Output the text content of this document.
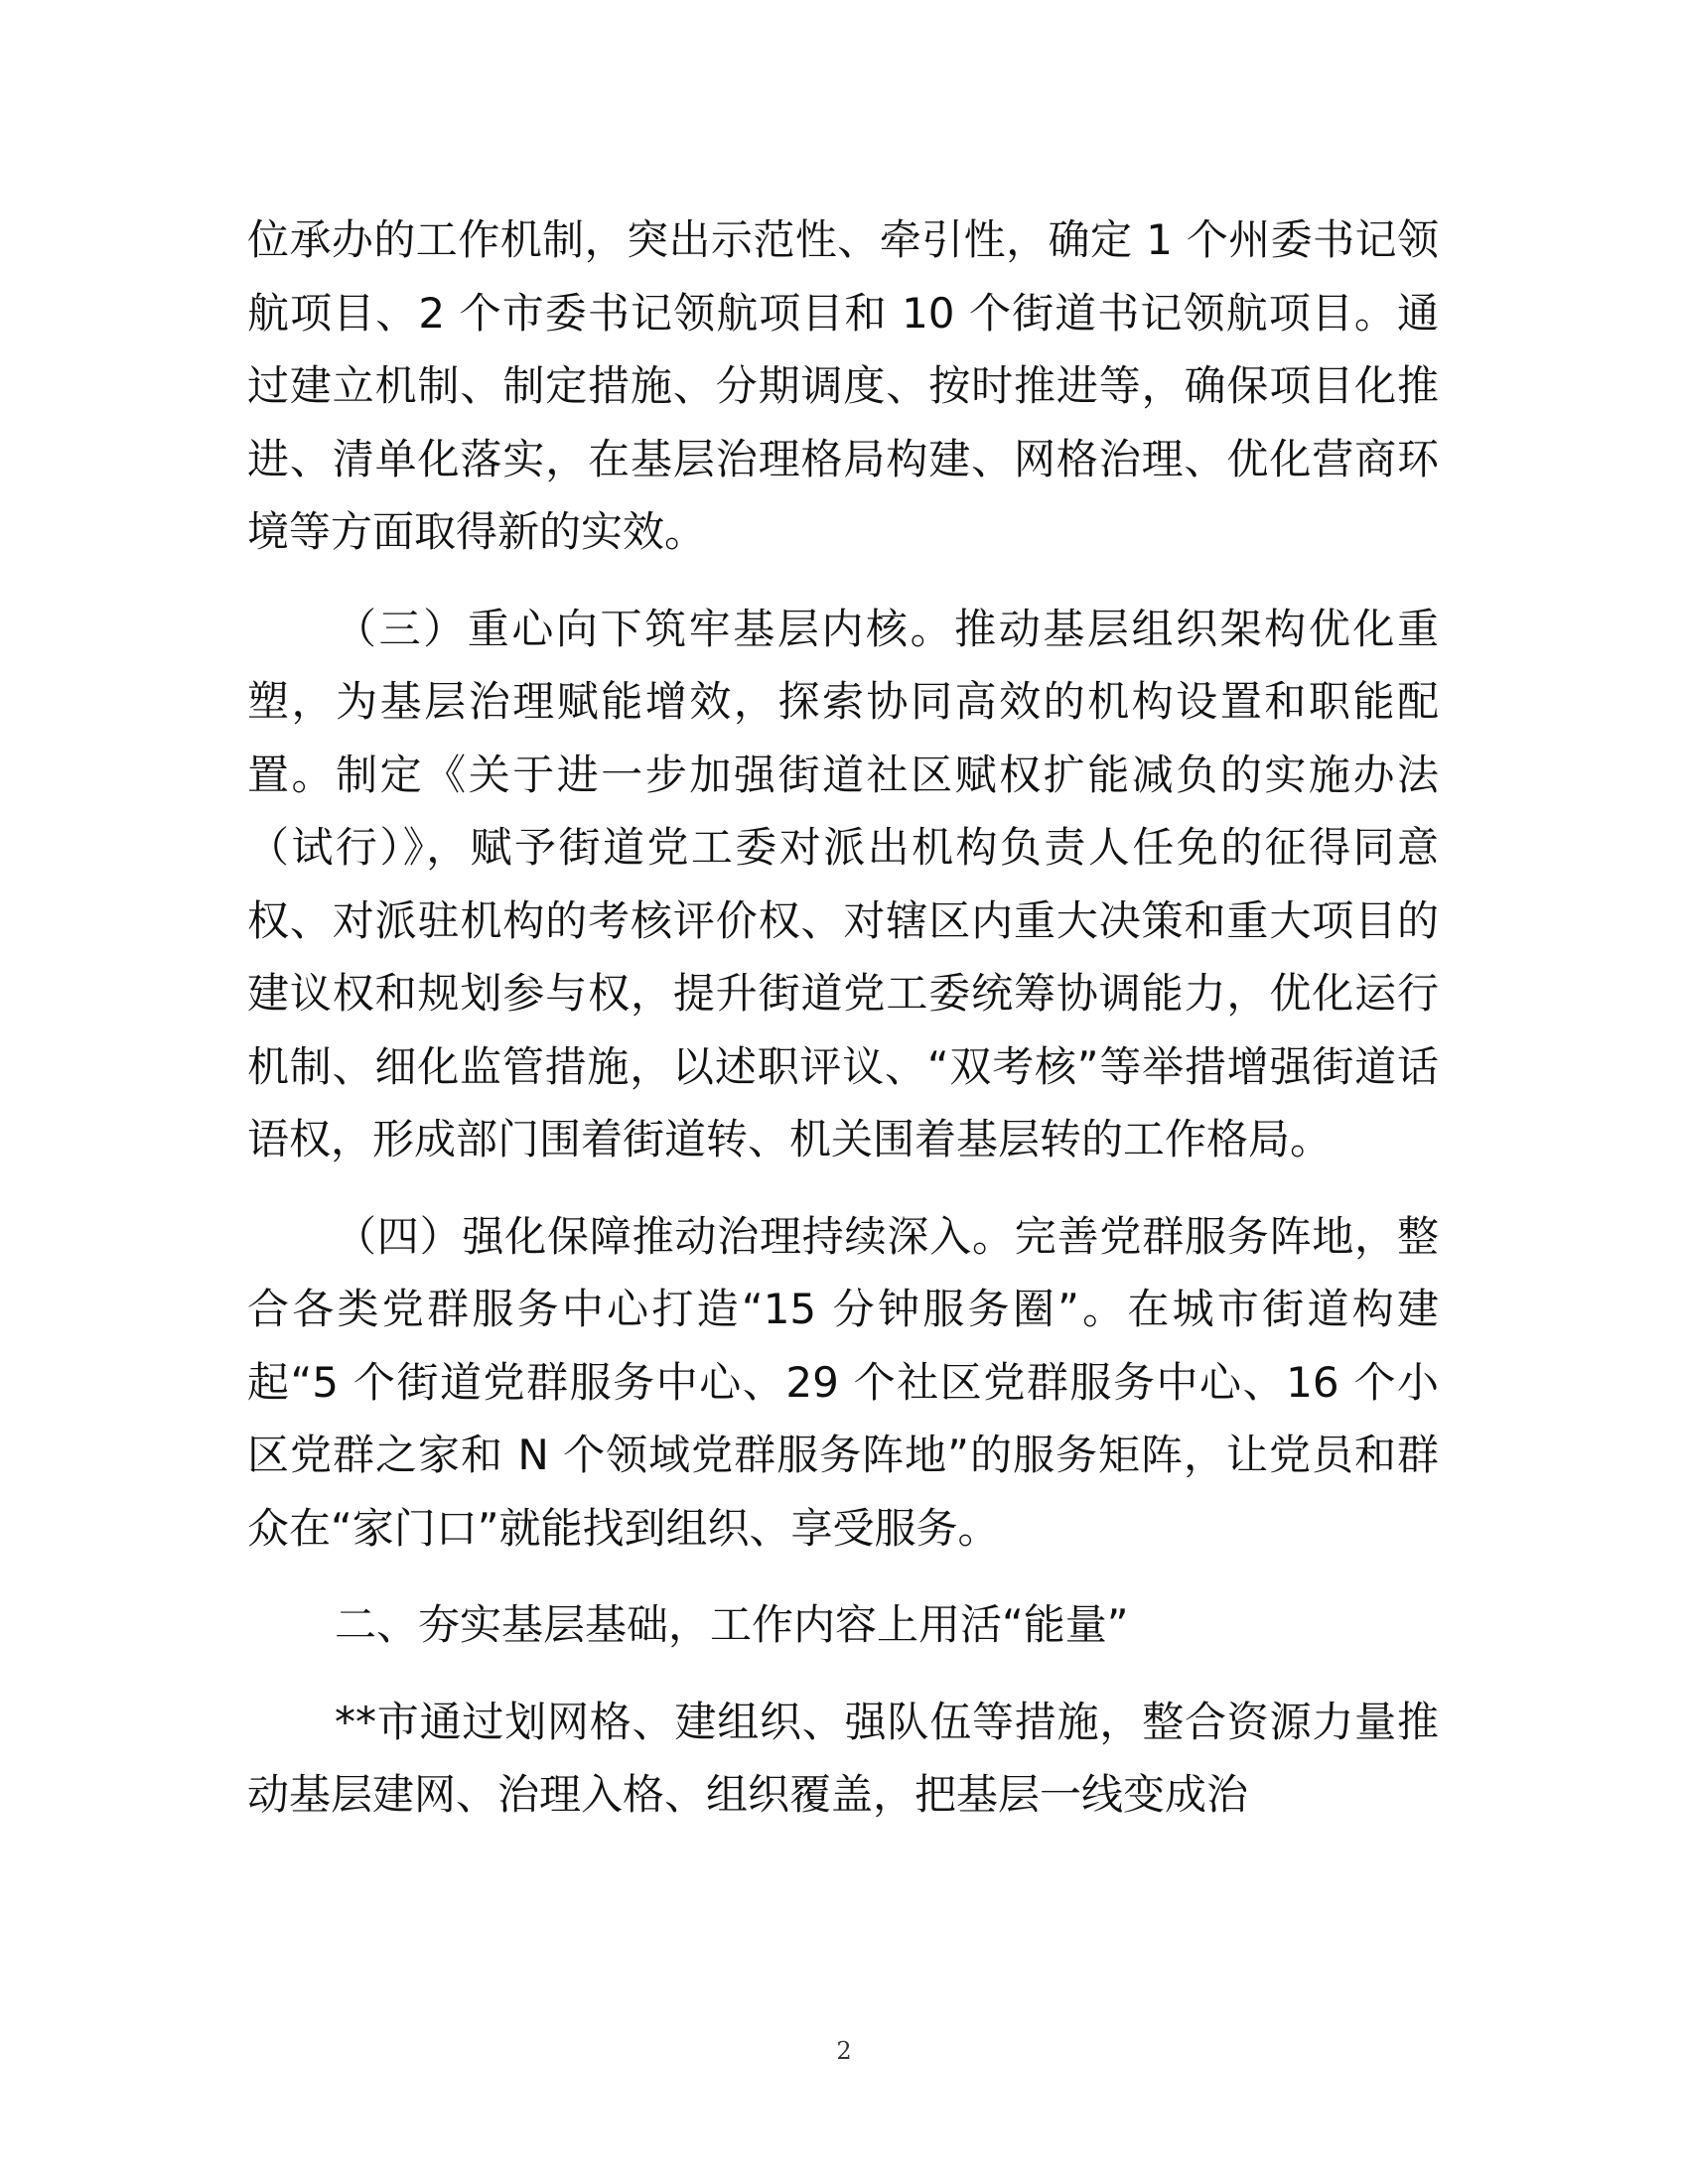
位承办的工作机制，突出示范性、牵引性，确定 1 个州委书记领航项目、2 个市委书记领航项目和 10 个街道书记领航项目。通过建立机制、制定措施、分期调度、按时推进等，确保项目化推进、清单化落实，在基层治理格局构建、网格治理、优化营商环境等方面取得新的实效。

（三）重心向下筑牢基层内核。推动基层组织架构优化重塑，为基层治理赋能增效，探索协同高效的机构设置和职能配置。制定《关于进一步加强街道社区赋权扩能减负的实施办法（试行）》，赋予街道党工委对派出机构负责人任免的征得同意权、对派驻机构的考核评价权、对辖区内重大决策和重大项目的建议权和规划参与权，提升街道党工委统筹协调能力，优化运行机制、细化监管措施，以述职评议、“双考核”等举措增强街道话语权，形成部门围着街道转、机关围着基层转的工作格局。

（四）强化保障推动治理持续深入。完善党群服务阵地，整合各类党群服务中心打造“15 分钟服务圈”。在城市街道构建起“5 个街道党群服务中心、29 个社区党群服务中心、16 个小区党群之家和 N 个领域党群服务阵地”的服务矩阵，让党员和群众在“家门口”就能找到组织、享受服务。

二、夯实基层基础，工作内容上用活“能量”

**市通过划网格、建组织、强队伍等措施，整合资源力量推动基层建网、治理入格、组织覆盖，把基层一线变成治

2
